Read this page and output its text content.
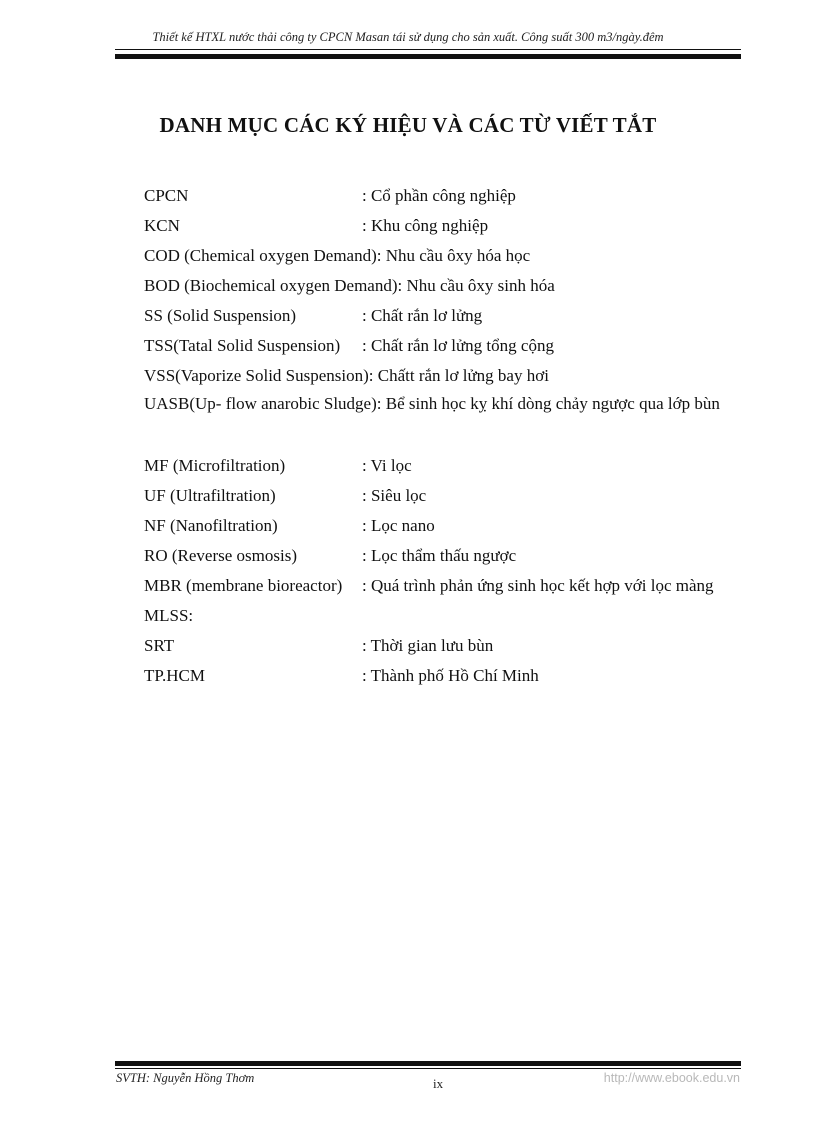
Thiết kế HTXL nước thải công ty CPCN Masan tái sử dụng cho sản xuất. Công suất 300 m3/ngày.đêm
DANH MỤC CÁC KÝ HIỆU VÀ CÁC TỪ VIẾT TẮT
CPCN	: Cổ phần công nghiệp
KCN	: Khu công nghiệp
COD (Chemical oxygen Demand): Nhu cầu ôxy hóa học
BOD (Biochemical oxygen Demand): Nhu cầu ôxy sinh hóa
SS (Solid Suspension)	: Chất rắn lơ lửng
TSS(Tatal Solid Suspension) : Chất rắn lơ lửng tổng cộng
VSS(Vaporize Solid Suspension): Chấtt rắn lơ lửng bay hơi
UASB(Up- flow anarobic Sludge): Bể sinh học kỵ khí dòng chảy ngược qua lớp bùn
MF (Microfiltration)	: Vi lọc
UF (Ultrafiltration)	: Siêu lọc
NF (Nanofiltration)	: Lọc nano
RO (Reverse osmosis)	: Lọc thẩm thấu ngược
MBR (membrane bioreactor) : Quá trình phản ứng sinh học kết hợp với lọc màng
MLSS:
SRT	: Thời gian lưu bùn
TP.HCM	: Thành phố Hồ Chí Minh
SVTH: Nguyễn Hồng Thơm	ix	http://www.ebook.edu.vn
